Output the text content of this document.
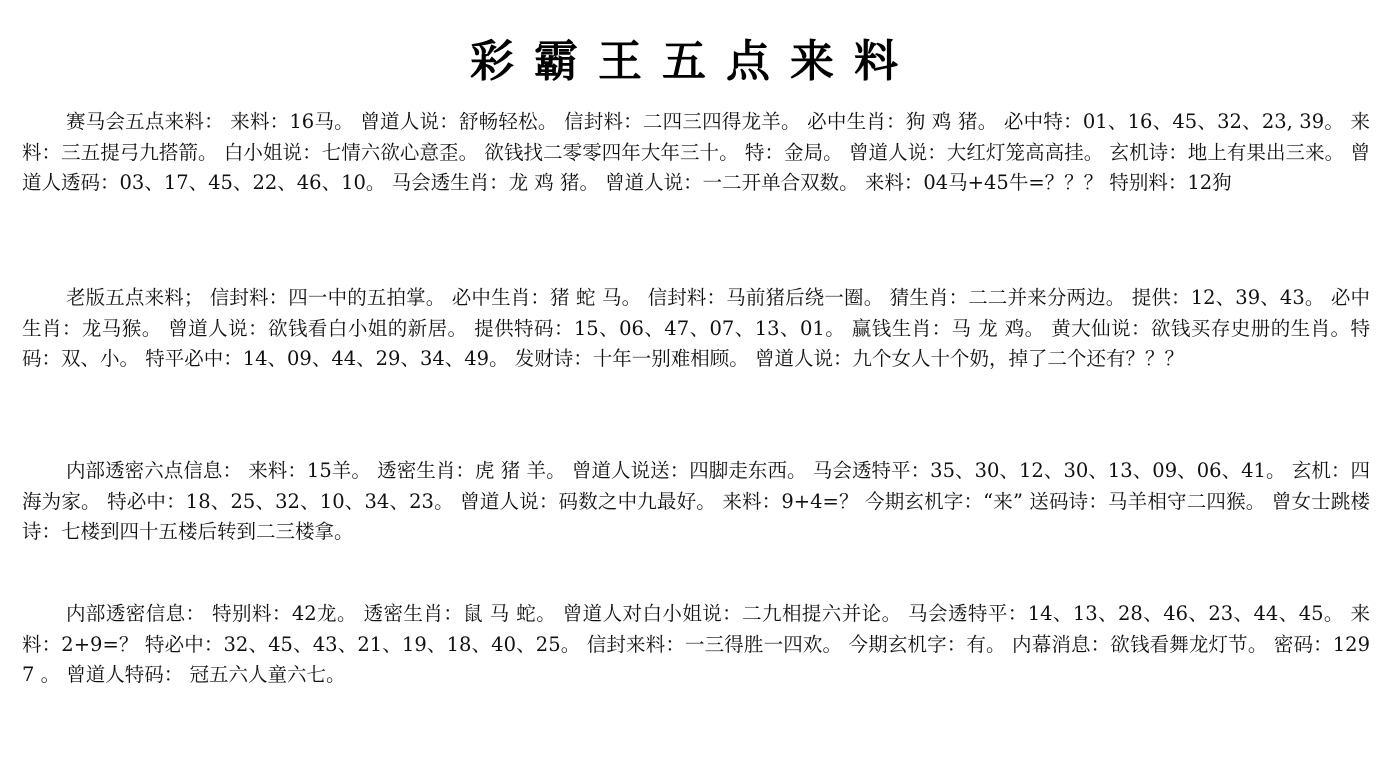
彩霸王五点来料
赛马会五点来料： 来料：16马。 曾道人说：舒畅轻松。 信封料：二四三四得龙羊。 必中生肖：狗 鸡 猪。 必中特：01、16、45、32、23, 39。 来料：三五提弓九搭箭。 白小姐说：七情六欲心意歪。 欲钱找二零零四年大年三十。 特：金局。 曾道人说：大红灯笼高高挂。 玄机诗：地上有果出三来。 曾道人透码：03、17、45、22、46、10。 马会透生肖：龙 鸡 猪。 曾道人说：一二开单合双数。 来料：04马+45牛=？？？ 特别料：12狗
老版五点来料； 信封料：四一中的五拍掌。 必中生肖：猪 蛇 马。 信封料：马前猪后绕一圈。 猜生肖：二二并来分两边。 提供：12、39、43。 必中生肖：龙马猴。 曾道人说：欲钱看白小姐的新居。 提供特码：15、06、47、07、13、01。 赢钱生肖：马 龙 鸡。 黄大仙说：欲钱买存史册的生肖。特码：双、小。 特平必中：14、09、44、29、34、49。 发财诗：十年一别难相顾。 曾道人说：九个女人十个奶，掉了二个还有？？？
内部透密六点信息： 来料：15羊。 透密生肖：虎 猪 羊。 曾道人说送：四脚走东西。 马会透特平：35、30、12、30、13、09、06、41。 玄机：四海为家。 特必中：18、25、32、10、34、23。 曾道人说：码数之中九最好。 来料：9+4=？ 今期玄机字：“来” 送码诗：马羊相守二四猴。 曾女士跳楼诗：七楼到四十五楼后转到二三楼拿。
内部透密信息： 特别料：42龙。 透密生肖：鼠 马 蛇。 曾道人对白小姐说：二九相提六并论。 马会透特平：14、13、28、46、23、44、45。 来料：2+9=？ 特必中：32、45、43、21、19、18、40、25。 信封来料：一三得胜一四欢。 今期玄机字：有。 内幕消息：欲钱看舞龙灯节。 密码：1297 。 曾道人特码： 冠五六人童六七。
